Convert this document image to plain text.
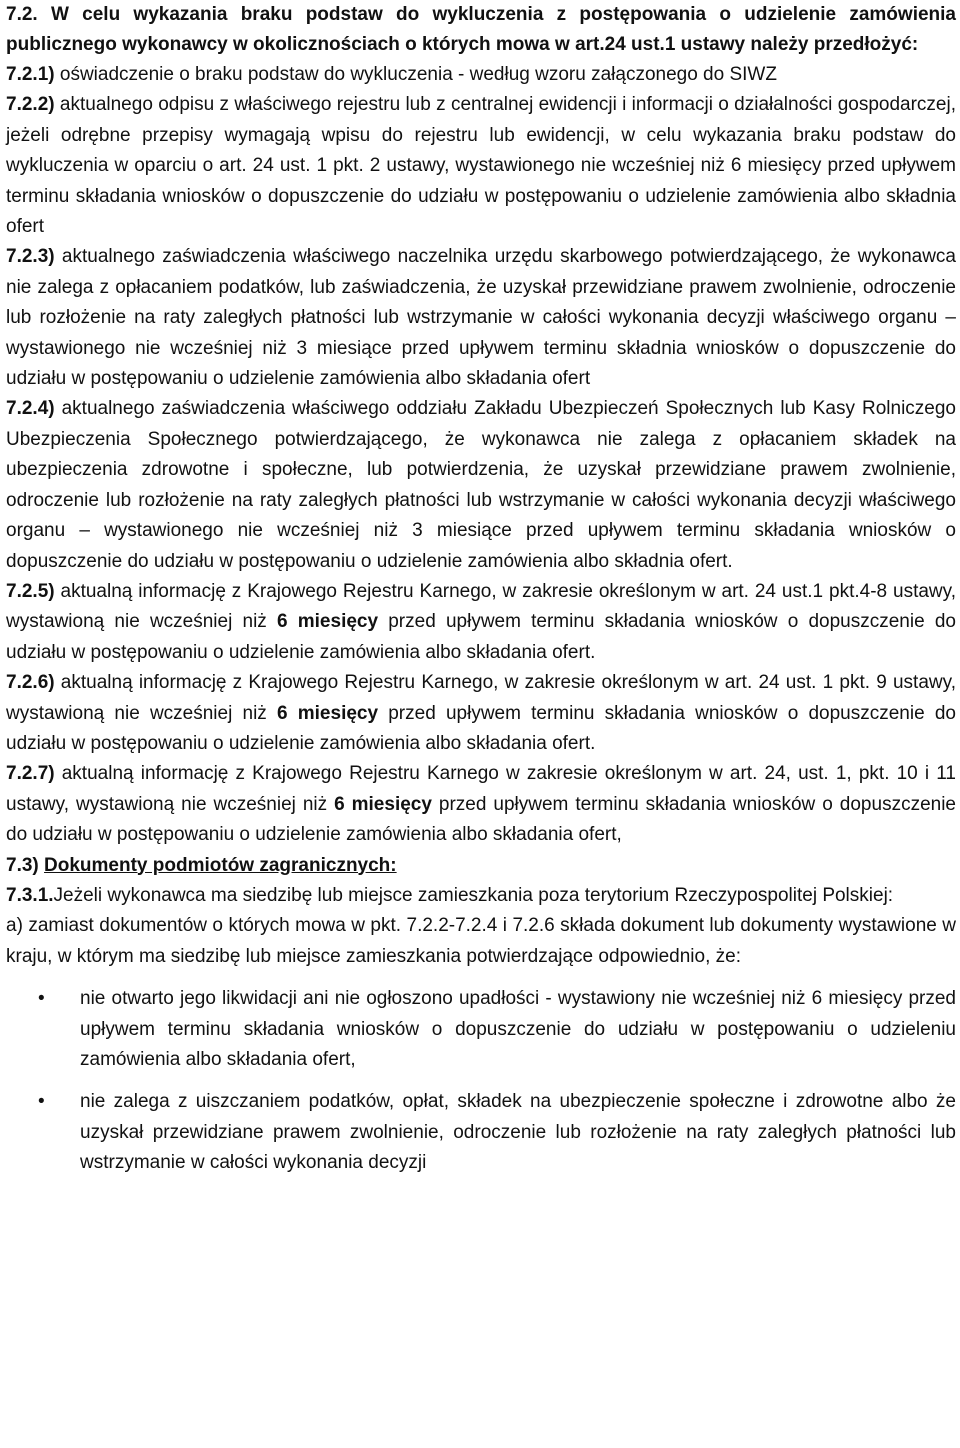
7.2. W celu wykazania braku podstaw do wykluczenia z postępowania o udzielenie zamówienia publicznego wykonawcy w okolicznościach o których mowa w art.24 ust.1 ustawy należy przedłożyć:

7.2.1) oświadczenie o braku podstaw do wykluczenia - według wzoru załączonego do SIWZ

7.2.2) aktualnego odpisu z właściwego rejestru lub z centralnej ewidencji i informacji o działalności gospodarczej, jeżeli odrębne przepisy wymagają wpisu do rejestru lub ewidencji, w celu wykazania braku podstaw do wykluczenia w oparciu o art. 24 ust. 1 pkt. 2 ustawy, wystawionego nie wcześniej niż 6 miesięcy przed upływem terminu składania wniosków o dopuszczenie do udziału w postępowaniu o udzielenie zamówienia albo składnia ofert

7.2.3) aktualnego zaświadczenia właściwego naczelnika urzędu skarbowego potwierdzającego, że wykonawca nie zalega z opłacaniem podatków, lub zaświadczenia, że uzyskał przewidziane prawem zwolnienie, odroczenie lub rozłożenie na raty zaległych płatności lub wstrzymanie w całości wykonania decyzji właściwego organu – wystawionego nie wcześniej niż 3 miesiące przed upływem terminu składnia wniosków o dopuszczenie do udziału w postępowaniu o udzielenie zamówienia albo składania ofert

7.2.4) aktualnego zaświadczenia właściwego oddziału Zakładu Ubezpieczeń Społecznych lub Kasy Rolniczego Ubezpieczenia Społecznego potwierdzającego, że wykonawca nie zalega z opłacaniem składek na ubezpieczenia zdrowotne i społeczne, lub potwierdzenia, że uzyskał przewidziane prawem zwolnienie, odroczenie lub rozłożenie na raty zaległych płatności lub wstrzymanie w całości wykonania decyzji właściwego organu – wystawionego nie wcześniej niż 3 miesiące przed upływem terminu składania wniosków o dopuszczenie do udziału w postępowaniu o udzielenie zamówienia albo składnia ofert.

7.2.5) aktualną informację z Krajowego Rejestru Karnego, w zakresie określonym w art. 24 ust.1 pkt.4-8 ustawy, wystawioną nie wcześniej niż 6 miesięcy przed upływem terminu składania wniosków o dopuszczenie do udziału w postępowaniu o udzielenie zamówienia albo składania ofert.

7.2.6) aktualną informację z Krajowego Rejestru Karnego, w zakresie określonym w art. 24 ust. 1 pkt. 9 ustawy, wystawioną nie wcześniej niż 6 miesięcy przed upływem terminu składania wniosków o dopuszczenie do udziału w postępowaniu o udzielenie zamówienia albo składania ofert.

7.2.7) aktualną informację z Krajowego Rejestru Karnego w zakresie określonym w art. 24, ust. 1, pkt. 10 i 11 ustawy, wystawioną nie wcześniej niż 6 miesięcy przed upływem terminu składania wniosków o dopuszczenie do udziału w postępowaniu o udzielenie zamówienia albo składania ofert,

7.3) Dokumenty podmiotów zagranicznych:

7.3.1.Jeżeli wykonawca ma siedzibę lub miejsce zamieszkania poza terytorium Rzeczypospolitej Polskiej:

a) zamiast dokumentów o których mowa w pkt. 7.2.2-7.2.4 i 7.2.6 składa dokument lub dokumenty wystawione w kraju, w którym ma siedzibę lub miejsce zamieszkania potwierdzające odpowiednio, że:

• nie otwarto jego likwidacji ani nie ogłoszono upadłości - wystawiony nie wcześniej niż 6 miesięcy przed upływem terminu składania wniosków o dopuszczenie do udziału w postępowaniu o udzieleniu zamówienia albo składania ofert,
• nie zalega z uiszczaniem podatków, opłat, składek na ubezpieczenie społeczne i zdrowotne albo że uzyskał przewidziane prawem zwolnienie, odroczenie lub rozłożenie na raty zaległych płatności lub wstrzymanie w całości wykonania decyzji
